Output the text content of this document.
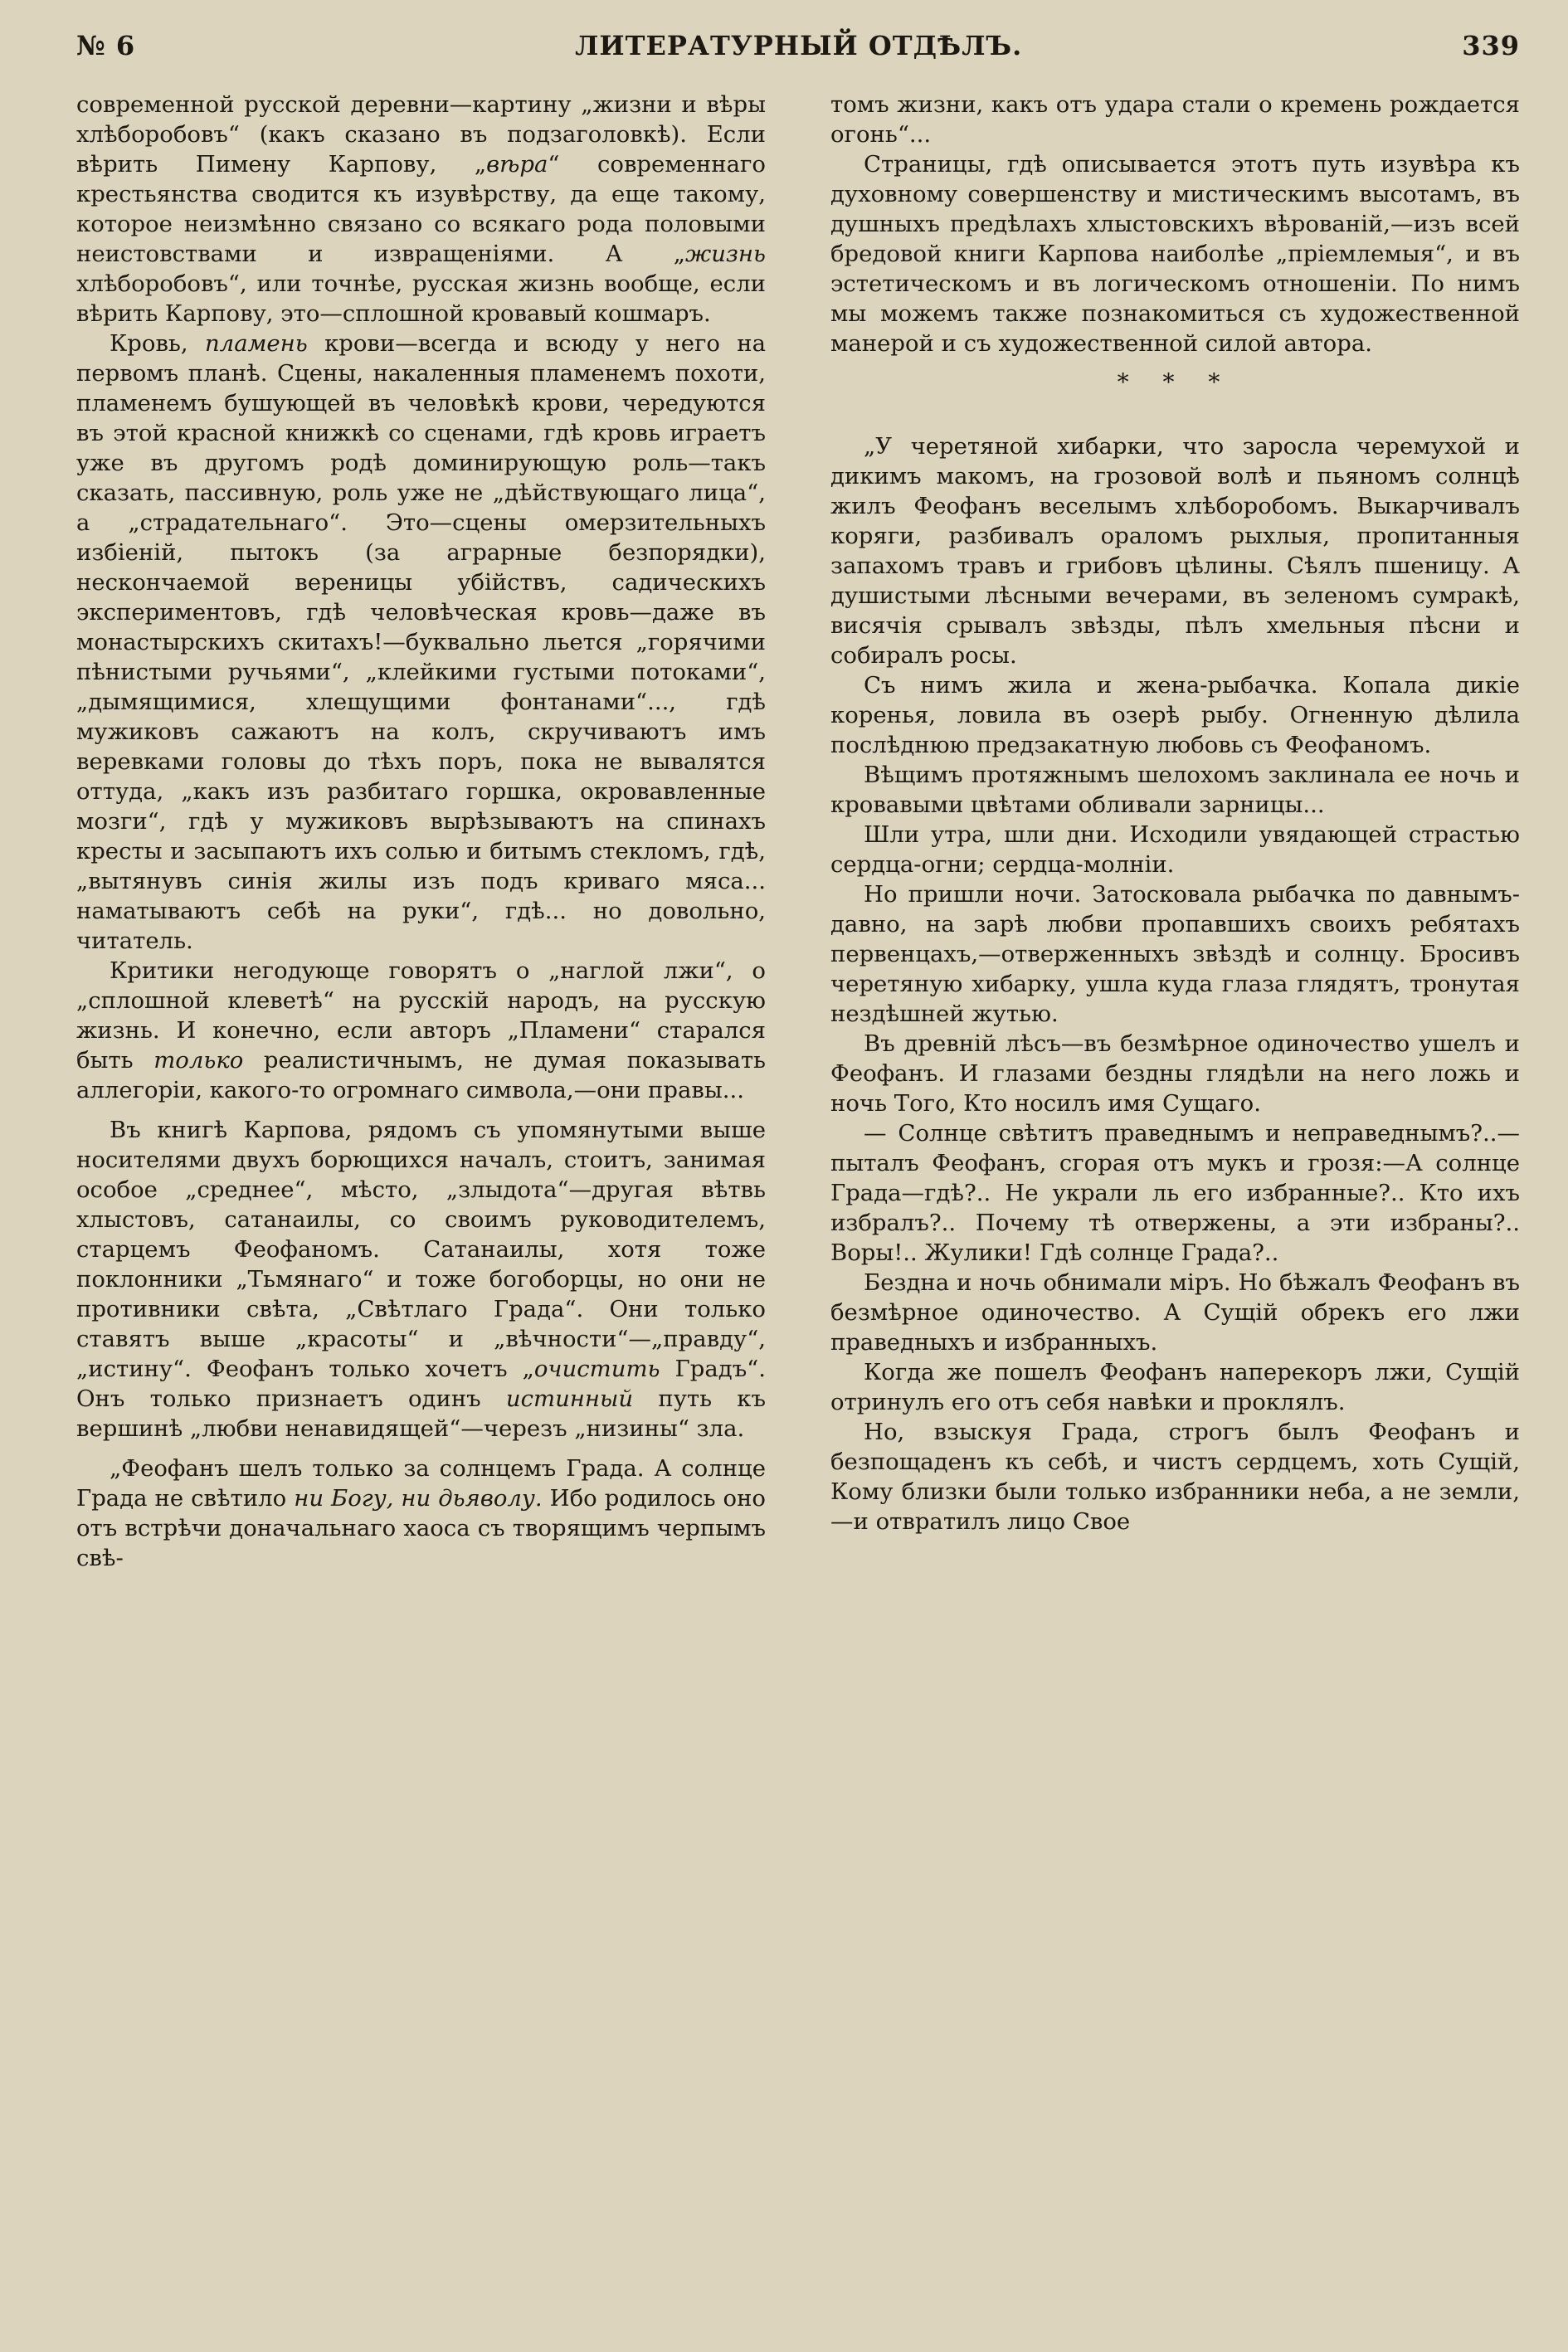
№ 6	ЛИТЕРАТУРНЫЙ ОТДѢЛЪ.	339

современной русской деревни—картину „жизни и вѣры хлѣборобовъ“ (какъ сказано въ подзаголовкѣ). Если вѣрить Пимену Карпову, „вѣра“ современнаго крестьянства сводится къ изувѣрству, да еще такому, которое неизмѣнно связано со всякаго рода половыми неистовствами и извращеніями. А „жизнь хлѣборобовъ“, или точнѣе, русская жизнь вообще, если вѣрить Карпову, это—сплошной кровавый кошмаръ.

Кровь, пламень крови—всегда и всюду у него на первомъ планѣ. Сцены, накаленныя пламенемъ похоти, пламенемъ бушующей въ человѣкѣ крови, чередуются въ этой красной книжкѣ со сценами, гдѣ кровь играетъ уже въ другомъ родѣ доминирующую роль—такъ сказать, пассивную, роль уже не „дѣйствующаго лица“, а „страдательнаго“. Это—сцены омерзительныхъ избіеній, пытокъ (за аграрные безпорядки), нескончаемой вереницы убійствъ, садическихъ экспериментовъ, гдѣ человѣческая кровь—даже въ монастырскихъ скитахъ!—буквально льется „горячими пѣнистыми ручьями“, „клейкими густыми потоками“, „дымящимися, хлещущими фонтанами“..., гдѣ мужиковъ сажаютъ на колъ, скручиваютъ имъ веревками головы до тѣхъ поръ, пока не вывалятся оттуда, „какъ изъ разбитаго горшка, окровавленные мозги“, гдѣ у мужиковъ вырѣзываютъ на спинахъ кресты и засыпаютъ ихъ солью и битымъ стекломъ, гдѣ, „вытянувъ синія жилы изъ подъ криваго мяса... наматываютъ себѣ на руки“, гдѣ... но довольно, читатель.

Критики негодующе говорятъ о „наглой лжи“, о „сплошной клеветѣ“ на русскій народъ, на русскую жизнь. И конечно, если авторъ „Пламени“ старался быть только реалистичнымъ, не думая показывать аллегоріи, какого-то огромнаго символа,—они правы...

Въ книгѣ Карпова, рядомъ съ упомянутыми выше носителями двухъ борющихся началъ, стоитъ, занимая особое „среднее“, мѣсто, „злыдота“—другая вѣтвь хлыстовъ, сатанаилы, со своимъ руководителемъ, старцемъ Феофаномъ. Сатанаилы, хотя тоже поклонники „Тьмянаго“ и тоже богоборцы, но они не противники свѣта, „Свѣтлаго Града“. Они только ставятъ выше „красоты“ и „вѣчности“—„правду“, „истину“. Феофанъ только хочетъ „очистить Градъ“. Онъ только признаетъ одинъ истинный путь къ вершинѣ „любви ненавидящей“—черезъ „низины“ зла.

„Феофанъ шелъ только за солнцемъ Града. А солнце Града не свѣтило ни Богу, ни дьяволу. Ибо родилось оно отъ встрѣчи доначальнаго хаоса съ творящимъ черпымъ свѣ-

томъ жизни, какъ отъ удара стали о кремень рождается огонь“...

Страницы, гдѣ описывается этотъ путь изувѣра къ духовному совершенству и мистическимъ высотамъ, въ душныхъ предѣлахъ хлыстовскихъ вѣрованій,—изъ всей бредовой книги Карпова наиболѣе „пріемлемыя“, и въ эстетическомъ и въ логическомъ отношеніи. По нимъ мы можемъ также познакомиться съ художественной манерой и съ художественной силой автора.

* * *

„У черетяной хибарки, что заросла черемухой и дикимъ макомъ, на грозовой волѣ и пьяномъ солнцѣ жилъ Феофанъ веселымъ хлѣборобомъ. Выкарчивалъ коряги, разбивалъ ораломъ рыхлыя, пропитанныя запахомъ травъ и грибовъ цѣлины. Сѣялъ пшеницу. А душистыми лѣсными вечерами, въ зеленомъ сумракѣ, висячія срывалъ звѣзды, пѣлъ хмельныя пѣсни и собиралъ росы.

Съ нимъ жила и жена-рыбачка. Копала дикіе коренья, ловила въ озерѣ рыбу. Огненную дѣлила послѣднюю предзакатную любовь съ Феофаномъ.

Вѣщимъ протяжнымъ шелохомъ заклинала ее ночь и кровавыми цвѣтами обливали зарницы...

Шли утра, шли дни. Исходили увядающей страстью сердца-огни; сердца-молніи.

Но пришли ночи. Затосковала рыбачка по давнымъ-давно, на зарѣ любви пропавшихъ своихъ ребятахъ первенцахъ,—отверженныхъ звѣздѣ и солнцу. Бросивъ черетяную хибарку, ушла куда глаза глядятъ, тронутая нездѣшней жутью.

Въ древній лѣсъ—въ безмѣрное одиночество ушелъ и Феофанъ. И глазами бездны глядѣли на него ложь и ночь Того, Кто носилъ имя Сущаго.

— Солнце свѣтитъ праведнымъ и неправеднымъ?..—пыталъ Феофанъ, сгорая отъ мукъ и грозя:—А солнце Града—гдѣ?.. Не украли ль его избранные?.. Кто ихъ избралъ?.. Почему тѣ отвержены, а эти избраны?.. Воры!.. Жулики! Гдѣ солнце Града?..

Бездна и ночь обнимали міръ. Но бѣжалъ Феофанъ въ безмѣрное одиночество. А Сущій обрекъ его лжи праведныхъ и избранныхъ.

Когда же пошелъ Феофанъ наперекоръ лжи, Сущій отринулъ его отъ себя навѣки и проклялъ.

Но, взыскуя Града, строгъ былъ Феофанъ и безпощаденъ къ себѣ, и чистъ сердцемъ, хоть Сущій, Кому близки были только избранники неба, а не земли,—и отвратилъ лицо Свое
